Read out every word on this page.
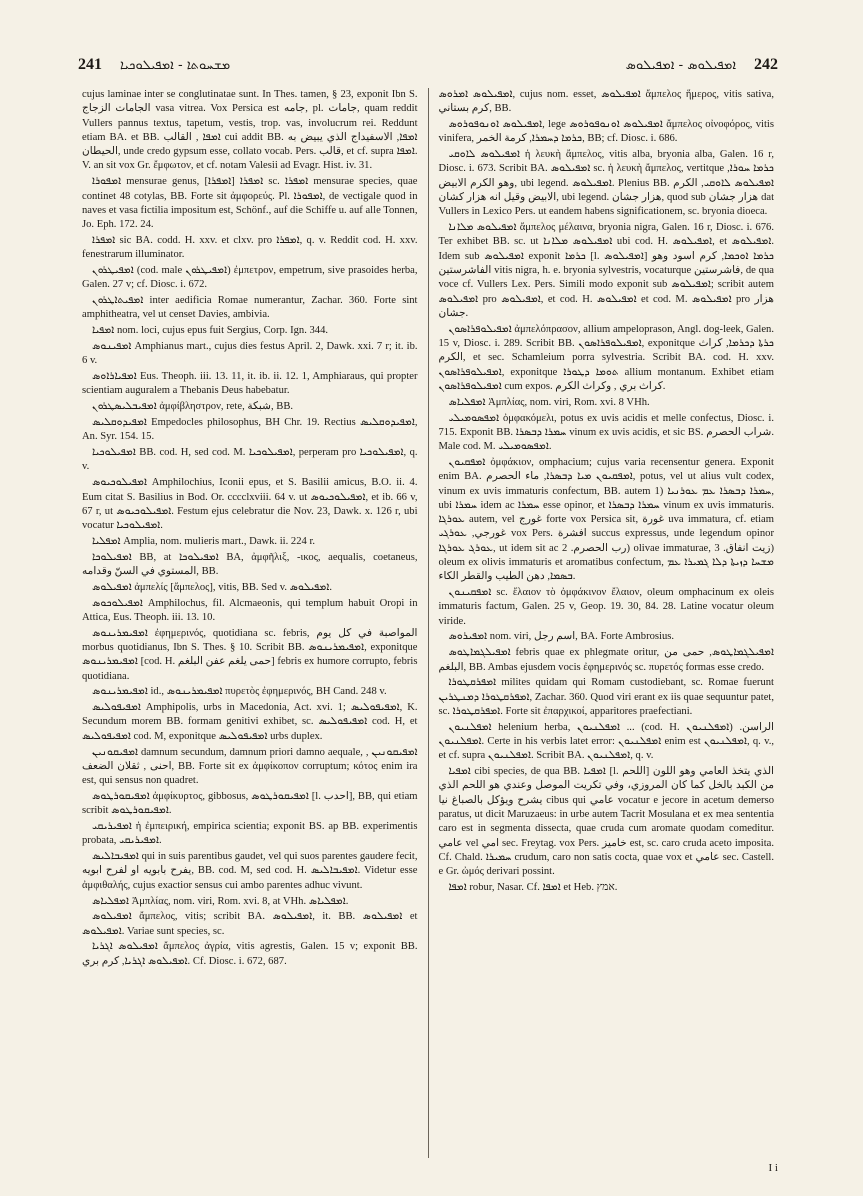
241 ܡܫܚܘܬܐ - ܐܡܦܝܠܘܟܝܐ	ܐܡܦܝܠܘܣ - ܐܡܦܝܠܘܣ 242

cujus laminae inter se conglutinatae sunt. In Thes. tamen, § 23, exponit Ibn S. الجامات الزجاج vasa vitrea. Vox Persica est جامه, pl. جامات, quam reddit Vullers pannus textus, tapetum, vestis, trop. vas, involucrum rei. Reddunt etiam BA. et BB. ܐܡܦܐ , القالب cui addit BB. ܐܡܦܐ, الاسفيداج الذي يبيض به الحيطان, unde credo gypsum esse, collato vocab. Pers. قالب, et cf. supra ܐܡܦܐ. V. an sit vox Gr. ἔμφωτον, et cf. notam Valesii ad Evagr. Hist. iv. 31.

ܐܡܦܘܪܐ mensurae genus, ܐܡܦܪܐ [ܐܡܦܪܐ] sc. ܐܡܦܪܐ mensurae species, quae continet 48 cotylas, BB. Forte sit ἀμφορεύς. Pl. ܐܡܦܘܪܐ, de vectigale quod in naves et vasa fictilia impositum est, Schönf., auf die Schiffe u. auf alle Tonnen, Jo. Eph. 172. 24.

ܐܡܦܪܐ sic BA. codd. H. xxv. et clxv. pro ܐܡܦܪܐ, q. v. Reddit cod. H. xxv. fenestrarum illuminator.

ܐܡܦܝܛܪܘܢ (cod. male ܐܡܦܝܛܪܘܢ) ἐμπετρον, empetrum, sive prasoides herba, Galen. 27 v; cf. Diosc. i. 672.

ܐܡܦܝܬܐܛܪܘܢ inter aedificia Romae numerantur, Zachar. 360. Forte sint amphitheatra, vel ut censet Davies, ambivia.

ܐܡܦܝܐ nom. loci, cujus epus fuit Sergius, Corp. Ign. 344.

ܐܡܦܝܢܘܣ Amphianus mart., cujus dies festus April. 2, Dawk. xxi. 7 r; it. ib. 6 v.

ܐܡܦܝܐܪܐܘܣ Eus. Theoph. iii. 13. 11, it. ib. ii. 12. 1, Amphiaraus, qui propter scientiam auguralem a Thebanis Deus habebatur.

ܐܡܦܝܒܠܝܣܛܪܘܢ ἀμφίβληστρον, rete, شبكة, BB.

ܐܡܦܝܕܘܩܠܝܣ Empedocles philosophus, BH Chr. 19. Rectius ܐܡܦܝܕܘܩܠܝܣ, An. Syr. 154. 15.

ܐܡܦܝܠܘܟܝܐ BB. cod. H, sed cod. M. ܐܡܦܝܠܘܟܝܐ, perperam pro ܐܡܦܝܠܘܟܝܐ, q. v.

ܐܡܦܝܠܘܟܝܘܣ Amphilochius, Iconii epus, et S. Basilii amicus, B.O. ii. 4. Eum citat S. Basilius in Bod. Or. cccclxviii. 64 v. ut ܐܡܦܝܠܘܟܝܘܣ, et ib. 66 v, 67 r, ut ܐܡܦܝܠܘܟܝܘܣ. Festum ejus celebratur die Nov. 23, Dawk. x. 126 r, ubi vocatur ܐܡܦܝܠܘܟܝܐ.

ܐܡܦܠܝܐ Amplia, nom. mulieris mart., Dawk. ii. 224 r.

ܐܡܦܝܠܘܟܐ BB, at ܐܡܦܝܠܘܟܐ BA, ἀμφῆλιξ, -ικος, aequalis, coetaneus, المستوي في السنّ وقدامه, BB.

ܐܡܦܝܠܘܣ ἀμπελίς [ἄμπελος], vitis, BB. Sed v. ܐܡܦܝܠܘܣ.

ܐܡܦܝܠܘܟܘܣ Amphilochus, fil. Alcmaeonis, qui templum habuit Oropi in Attica, Eus. Theoph. iii. 13. 10.

ܐܡܦܝܡܪܝܢܘܣ ἐφημερινός, quotidiana sc. febris, المواصبة في كل يوم morbus quotidianus, Ibn S. Thes. § 10. Scribit BB. ܐܡܦܝܡܪܝܢܘܣ, exponitque ܐܡܦܝܡܪܝܢܘܣ [cod. H. حمى يلغم عفن البلغم] febris ex humore corrupto, febris quotidiana.

ܐܡܦܝܡܪܝܢܘܣ id., ܐܡܦܝܡܪܝܢܘܣ πυρετὸς ἐφημερινός, BH Cand. 248 v.

ܐܡܦܝܦܘܠܝܣ Amphipolis, urbs in Macedonia, Act. xvi. 1; ܐܡܦܝܦܘܠܝܣ, K. Secundum morem BB. formam genitivi exhibet, sc. ܐܡܦܝܦܘܠܝܣ cod. H, et ܐܡܦܝܦܘܠܝܣ cod. M, exponitque ܐܡܦܝܦܘܠܝܣ urbs duplex.

ܐܡܦܝܩܘܢܝܢ damnum secundum, damnum priori damno aequale, ܐܡܦܝܩܘܢܝܢ , احنى , ثقلان الضعف, BB. Forte sit ex ἀμφίκοπον corruptum; κότος enim ira est, qui sensus non quadret.

ܐܡܦܝܩܘܪܛܘܣ ἀμφίκυρτος, gibbosus, ܐܡܦܝܩܘܪܛܘܣ [l. احدب], BB, qui etiam scribit ܐܡܦܝܩܘܪܛܘܣ.

ܐܡܦܝܪܝܩܝ ἡ ἐμπειρική, empirica scientia; exponit BS. ap BB. experimentis probata, ܐܡܦܝܪܝܩܝ.

ܐܡܦܝܒܐܠܝܣ qui in suis parentibus gaudet, vel qui suos parentes gaudere fecit, يفرح بابويه او لفرح ابويه, BB. cod. M, sed cod. H. ܐܡܦܝܒܐܠܝܣ. Videtur esse ἀμφιθαλής, cujus exactior sensus cui ambo parentes adhuc vivunt.

ܐܡܦܠܝܐܣ Ἀμπλίας, nom. viri, Rom. xvi. 8, at VHh. ܐܡܦܠܝܐܣ.

ܐܡܦܝܠܘܣ ἄμπελος, vitis; scribit BA. ܐܡܦܝܠܘܣ, it. BB. ܐܡܦܝܠܘܣ et ܐܡܦܝܠܘܣ. Variae sunt species, sc.

ܐܡܦܝܠܘܣ ܐܓܪܝܐ ἄμπελος ἀγρία, vitis agrestis, Galen. 15 v; exponit BB. ܐܡܦܝܠܘܣ ܐܓܪܝܐ, كرم بري. Cf. Diosc. i. 672, 687.

ܐܡܦܝܠܘܣ ܐܡܪܘܣ, cujus nom. esset, ܐܡܦܝܠܘܣ ἄμπελος ἥμερος, vitis sativa, كرم بستاني, BB.

ܐܡܦܝܠܘܣ ܐܘܢܘܦܘܪܘܣ, lege ܐܡܦܝܠܘܣ ܐܘܢܘܦܘܪܘܣ ἄμπελος οἰνοφόρος, vitis vinifera, ܟܪܡܐ ܕܚܡܪܐ, كرمة الخمر, BB; cf. Diosc. i. 686.

ܐܡܦܝܠܘܣ ܠܐܘܩܝ ἡ λευκὴ ἄμπελος, vitis alba, bryonia alba, Galen. 16 r, Diosc. i. 673. Scribit BA. ܐܡܦܝܠܘܣ sc. ἡ λευκὴ ἄμπελος, vertitque ܟܪܡܐ ܚܘܪܐ, وهو الكرم الابيض, ubi legend. ܐܡܦܝܠܘܣ. Plenius BB. ܐܡܦܝܠܘܣ ܠܐܘܩܝ, الكرم الابيض وقيل انه هزار كشان, ubi legend. هزار جشان, quod sub هزار جشان dat Vullers in Lexico Pers. ut eandem habens significationem, sc. bryonia dioeca.

ܐܡܦܝܠܘܣ ܡܠܐܢܐ ἄμπελος μέλαινα, bryonia nigra, Galen. 16 r, Diosc. i. 676. Ter exhibet BB. sc. ut ܐܡܦܝܠܘܣ ܡܠܐܢܐ ubi cod. H. ܐܡܦܝܠܘܣ, et ܐܡܦܝܠܘܣ. Idem sub ܐܡܦܝܠܘܣ exponit ܟܪܡܐ [l. ܐܡܦܝܠܘܣ] ܟܪܡܐ ܐܘܟܡܐ, كرم اسود وهو الفاشرستين vitis nigra, h. e. bryonia sylvestris, vocaturque فاشرستين, de qua voce cf. Vullers Lex. Pers. Simili modo exponit sub ܐܡܦܝܠܘܣ; scribit autem ܐܡܦܝܠܘܣ pro ܐܡܦܝܠܘܣ, et cod. H. ܐܡܦܝܠܘܣ et cod. M. ܐܡܦܝܠܘܣ pro هزار جشان.

ܐܡܦܝܠܘܦܪܐܣܘܢ ἀμπελόπρασον, allium ampeloprason, Angl. dog-leek, Galen. 15 v, Diosc. i. 289. Scribit BB. ܐܡܦܝܠܘܦܪܐܣܘܢ, exponitque ܟܪܬܐ ܕܟܪܡܐ, كراث الكرم, et sec. Schamleium porra sylvestria. Scribit BA. cod. H. xxv. ܐܡܦܝܠܘܦܪܐܣܘܢ, exponitque ܬܘܡܐ ܕܛܘܪܐ allium montanum. Exhibet etiam ܐܡܦܝܠܘܦܪܐܣܘܢ cum expos. كراث بري , وكراث الكرم.

ܐܡܦܠܝܐܣ Ἀμπλίας, nom. viri, Rom. xvi. 8 VHh.

ܐܡܦܣܘܡܝܠܝ ὀμφακόμελι, potus ex uvis acidis et melle confectus, Diosc. i. 715. Exponit BB. ܚܡܪܐ ܕܒܣܪܐ vinum ex uvis acidis, et sic BS. شراب الحصرم. Male cod. M. ܐܡܦܣܘܡܝܠܝ.

ܐܡܦܩܝܘܢ ὀμφάκιον, omphacium; cujus varia recensentur genera. Exponit enim BA. ܐܡܦܩܝܘܢ ܡܝܐ ܕܒܣܪܐ, ماء الحصرم, potus, vel ut alius vult codex, vinum ex uvis immaturis confectum, BB. autem 1) ܚܡܪܐ ܕܒܣܪܐ ܥܡ ܥܘܪܢܝܐ, ubi ܚܡܪܐ idem ac ܚܡܪܐ esse opinor, et ܚܡܪܐ ܕܒܣܪܐ vinum ex uvis immaturis. ܥܘܪܓܐ autem, vel غورج forte vox Persica sit, غورة uva immatura, cf. etiam غورجي, ܥܘܪܓܝ vox Pers. افشرة succus expressus, unde legendum opinor ܥܘܪܓ ܥܘܪܓܐ, ut idem sit ac رب الحصرم. 2) olivae immaturae, زيت انفاق. 3) oleum ex olivis immaturis et aromatibus confectum, ܡܫܚܐ ܕܙܝܬܐ ܕܠܐ ܓܡܝܪܐ ܥܡ ܒܣܡܐ, دهن الطيب والقطر الكاء.

ܐܡܦܩܝܢܘܢ sc. ἔλαιον τὸ ὀμφάκινον ἔλαιον, oleum omphacinum ex oleis immaturis factum, Galen. 25 v, Geop. 19. 30, 84. 28. Latine vocatur oleum viride.

ܐܡܦܝܪܘܣ nom. viri, اسم رجل, BA. Forte Ambrosius.

ܐܡܦܝܠܓܡܐܛܘܣ febris quae ex phlegmate oritur, ܐܡܦܝܠܓܡܐܛܘܣ, حمى من البلغم, BB. Ambas ejusdem vocis ἐφημερινός sc. πυρετός formas esse credo.

ܐܡܦܪܩܛܘܪܐ milites quidam qui Romam custodiebant, sc. Romae fuerunt ܐܡܦܪܩܛܘܪܐ ܕܡܢܛܪܝܢ, Zachar. 360. Quod viri erant ex iis quae sequuntur patet, sc. ܐܡܦܪܩܛܘܪܐ. Forte sit ἐπαρχικοί, apparitores praefectiani.

ܐܡܦܠܢܝܘܢ helenium herba, ܐܡܦܠܢܝܘܢ ... (cod. H. ܐܡܦܠܢܝܘܢ) الراسن. ܐܡܦܠܢܝܘܢ. Certe in his verbis latet error: ܐܡܦܠܢܝܘܢ enim est ܐܡܦܠܢܝܘܢ, q. v., et cf. supra ܐܡܦܠܢܝܘܢ. Scribit BA. ܐܡܦܠܢܝܘܢ, q. v.

ܐܡܦܝܐ cibi species, de qua BB. ܐܡܦܝܐ [l. اللحم] الذي يتخذ العامي وهو اللون من الكبد بالخل كما كان المروزي، وفي تكريت الموصل وعندي هو اللحم الذي يشرح ويؤكل بالصباغ نيا cibus qui عامي vocatur e jecore in acetum demerso paratus, ut dicit Maruzaeus: in urbe autem Tacrit Mosulana et ex mea sententia caro est in segmenta dissecta, quae cruda cum aromate quodam comeditur. عامي vel امي sec. Freytag. vox Pers. خاميز est, sc. caro cruda aceto imposita. Cf. Chald. ܚܡܝܪܐ crudum, caro non satis cocta, quae vox et عامي sec. Castell. e Gr. ὠμός derivari possint.

ܐܡܦܐ robur, Nasar. Cf. ܐܡܦܐ et Heb. אמץ.

I i
